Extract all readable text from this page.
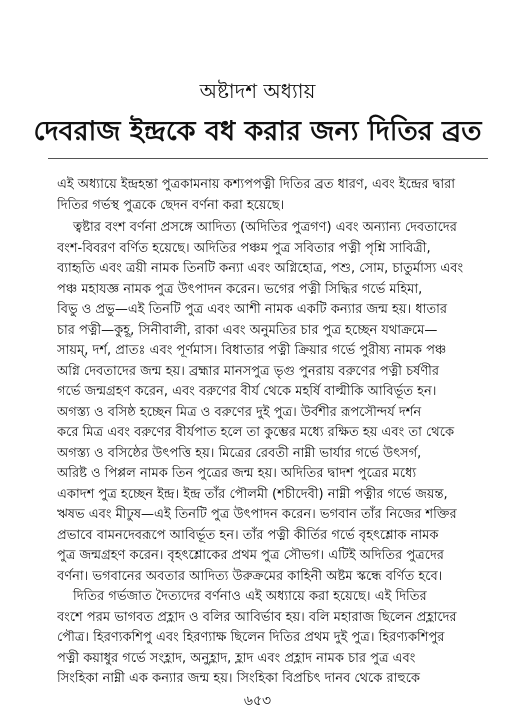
অষ্টাদশ অধ্যায়
দেবরাজ ইন্দ্রকে বধ করার জন্য দিতির ব্রত
এই অধ্যায়ে ইন্দ্রহন্তা পুত্রকামনায় কশ্যপপত্নী দিতির ব্রত ধারণ, এবং ইন্দ্রের দ্বারা
দিতির গর্ভস্থ পুত্রকে ছেদন বর্ণনা করা হয়েছে।
ত্বষ্টার বংশ বর্ণনা প্রসঙ্গে আদিত্য (অদিতির পুত্রগণ) এবং অন্যান্য দেবতাদের
বংশ-বিবরণ বর্ণিত হয়েছে। অদিতির পঞ্চম পুত্র সবিতার পত্নী পৃশ্নি সাবিত্রী,
ব্যাহৃতি এবং ত্রয়ী নামক তিনটি কন্যা এবং অগ্নিহোত্র, পশু, সোম, চাতুর্মাস্য এবং
পঞ্চ মহাযজ্ঞ নামক পুত্র উৎপাদন করেন। ভগের পত্নী সিদ্ধির গর্ভে মহিমা,
বিভু ও প্রভু—এই তিনটি পুত্র এবং আশী নামক একটি কন্যার জন্ম হয়। ধাতার
চার পত্নী—কুহূ, সিনীবালী, রাকা এবং অনুমতির চার পুত্র হচ্ছেন যথাক্রমে—
সায়ম্‌, দর্শ, প্রাতঃ এবং পূর্ণমাস। বিধাতার পত্নী ক্রিয়ার গর্ভে পুরীষ্য নামক পঞ্চ
অগ্নি দেবতাদের জন্ম হয়। ব্রহ্মার মানসপুত্র ভৃগু পুনরায় বরুণের পত্নী চর্ষণীর
গর্ভে জন্মগ্রহণ করেন, এবং বরুণের বীর্য থেকে মহর্ষি বাল্মীকি আবির্ভূত হন।
অগস্ত্য ও বসিষ্ঠ হচ্ছেন মিত্র ও বরুণের দুই পুত্র। উর্বশীর রূপসৌন্দর্য দর্শন
করে মিত্র এবং বরুণের বীর্যপাত হলে তা কুম্ভের মধ্যে রক্ষিত হয় এবং তা থেকে
অগস্ত্য ও বসিষ্ঠের উৎপত্তি হয়। মিত্রের রেবতী নাম্নী ভার্যার গর্ভে উৎসর্গ,
অরিষ্ট ও পিপ্পল নামক তিন পুত্রের জন্ম হয়। অদিতির দ্বাদশ পুত্রের মধ্যে
একাদশ পুত্র হচ্ছেন ইন্দ্র। ইন্দ্র তাঁর পৌলমী (শচীদেবী) নাম্নী পত্নীর গর্ভে জয়ন্ত,
ঋষভ এবং মীঢুষ—এই তিনটি পুত্র উৎপাদন করেন। ভগবান তাঁর নিজের শক্তির
প্রভাবে বামনদেবরূপে আবির্ভূত হন। তাঁর পত্নী কীর্তির গর্ভে বৃহৎশ্লোক নামক
পুত্র জন্মগ্রহণ করেন। বৃহৎশ্লোকের প্রথম পুত্র সৌভগ। এটিই অদিতির পুত্রদের
বর্ণনা। ভগবানের অবতার আদিত্য উরুক্রমের কাহিনী অষ্টম স্কন্ধে বর্ণিত হবে।
দিতির গর্ভজাত দৈত্যদের বর্ণনাও এই অধ্যায়ে করা হয়েছে। এই দিতির
বংশে পরম ভাগবত প্রহ্লাদ ও বলির আবির্ভাব হয়। বলি মহারাজ ছিলেন প্রহ্লাদের
পৌত্র। হিরণ্যকশিপু এবং হিরণ্যাক্ষ ছিলেন দিতির প্রথম দুই পুত্র। হিরণ্যকশিপুর
পত্নী কয়াধুর গর্ভে সংহ্লাদ, অনুহ্লাদ, হ্লাদ এবং প্রহ্লাদ নামক চার পুত্র এবং
সিংহিকা নাম্নী এক কন্যার জন্ম হয়। সিংহিকা বিপ্রচিৎ দানব থেকে রাহুকে
৬৫৩
